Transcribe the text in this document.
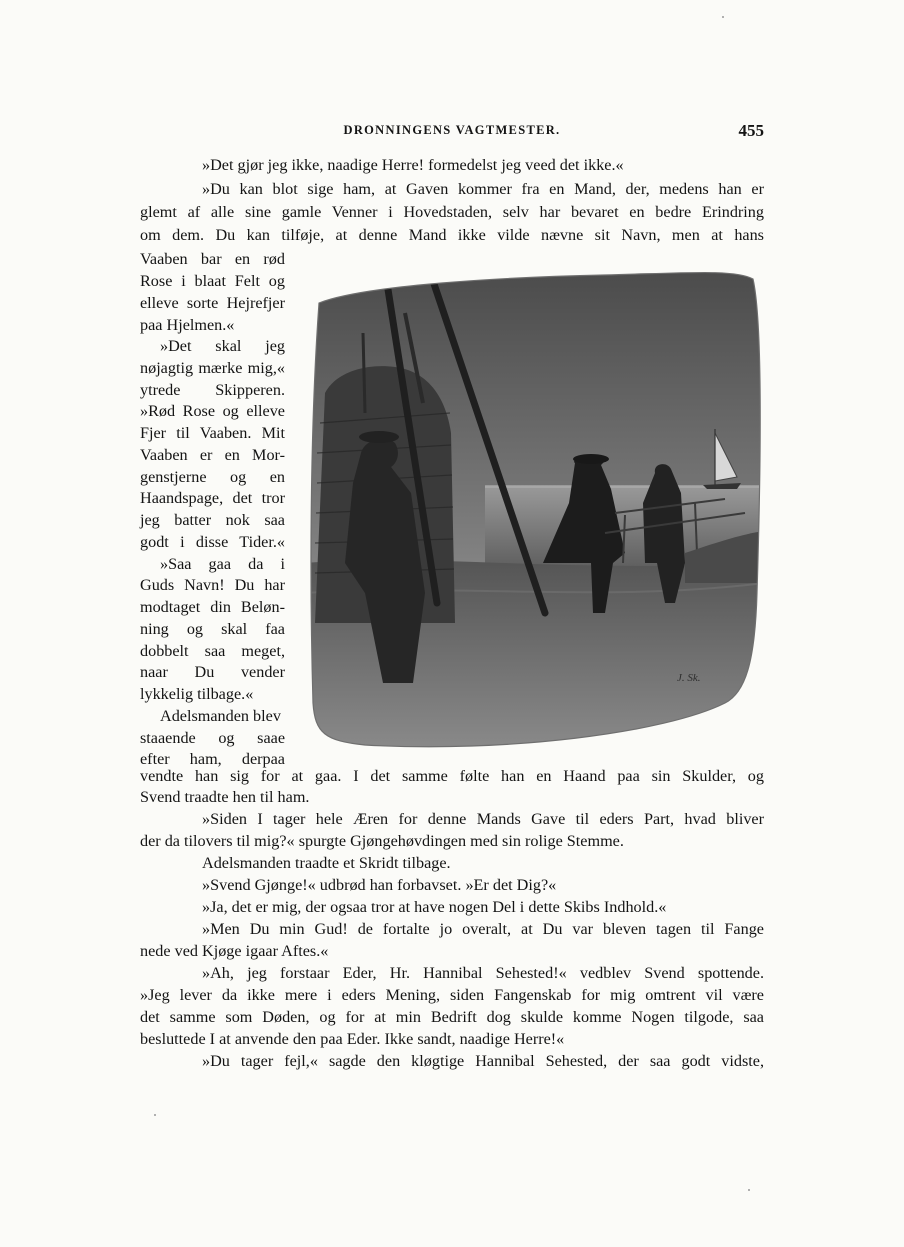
DRONNINGENS VAGTMESTER.	455
»Det gjør jeg ikke, naadige Herre! formedelst jeg veed det ikke.«
»Du kan blot sige ham, at Gaven kommer fra en Mand, der, medens han er
glemt af alle sine gamle Venner i Hovedstaden, selv har bevaret en bedre Erindring
om dem. Du kan tilføje, at denne Mand ikke vilde nævne sit Navn, men at hans
Vaaben bar en rød
Rose i blaat Felt og
elleve sorte Hejrefjer
paa Hjelmen.«
»Det skal jeg
nøjagtig mærke mig,«
ytrede Skipperen.
»Rød Rose og elleve
Fjer til Vaaben. Mit
Vaaben er en Mor-
genstjerne og en
Haandspage, det tror
jeg batter nok saa
godt i disse Tider.«
»Saa gaa da i
Guds Navn! Du har
modtaget din Beløn-
ning og skal faa
dobbelt saa meget,
naar Du vender
lykkelig tilbage.«
Adelsmanden blev
staaende og saae
efter ham, derpaa
J. Sk.
vendte han sig for at gaa. I det samme følte han en Haand paa sin Skulder, og
Svend traadte hen til ham.
»Siden I tager hele Æren for denne Mands Gave til eders Part, hvad bliver
der da tilovers til mig?« spurgte Gjøngehøvdingen med sin rolige Stemme.
Adelsmanden traadte et Skridt tilbage.
»Svend Gjønge!« udbrød han forbavset. »Er det Dig?«
»Ja, det er mig, der ogsaa tror at have nogen Del i dette Skibs Indhold.«
»Men Du min Gud! de fortalte jo overalt, at Du var bleven tagen til Fange
nede ved Kjøge igaar Aftes.«
»Ah, jeg forstaar Eder, Hr. Hannibal Sehested!« vedblev Svend spottende.
»Jeg lever da ikke mere i eders Mening, siden Fangenskab for mig omtrent vil være
det samme som Døden, og for at min Bedrift dog skulde komme Nogen tilgode, saa
besluttede I at anvende den paa Eder. Ikke sandt, naadige Herre!«
»Du tager fejl,« sagde den kløgtige Hannibal Sehested, der saa godt vidste,
